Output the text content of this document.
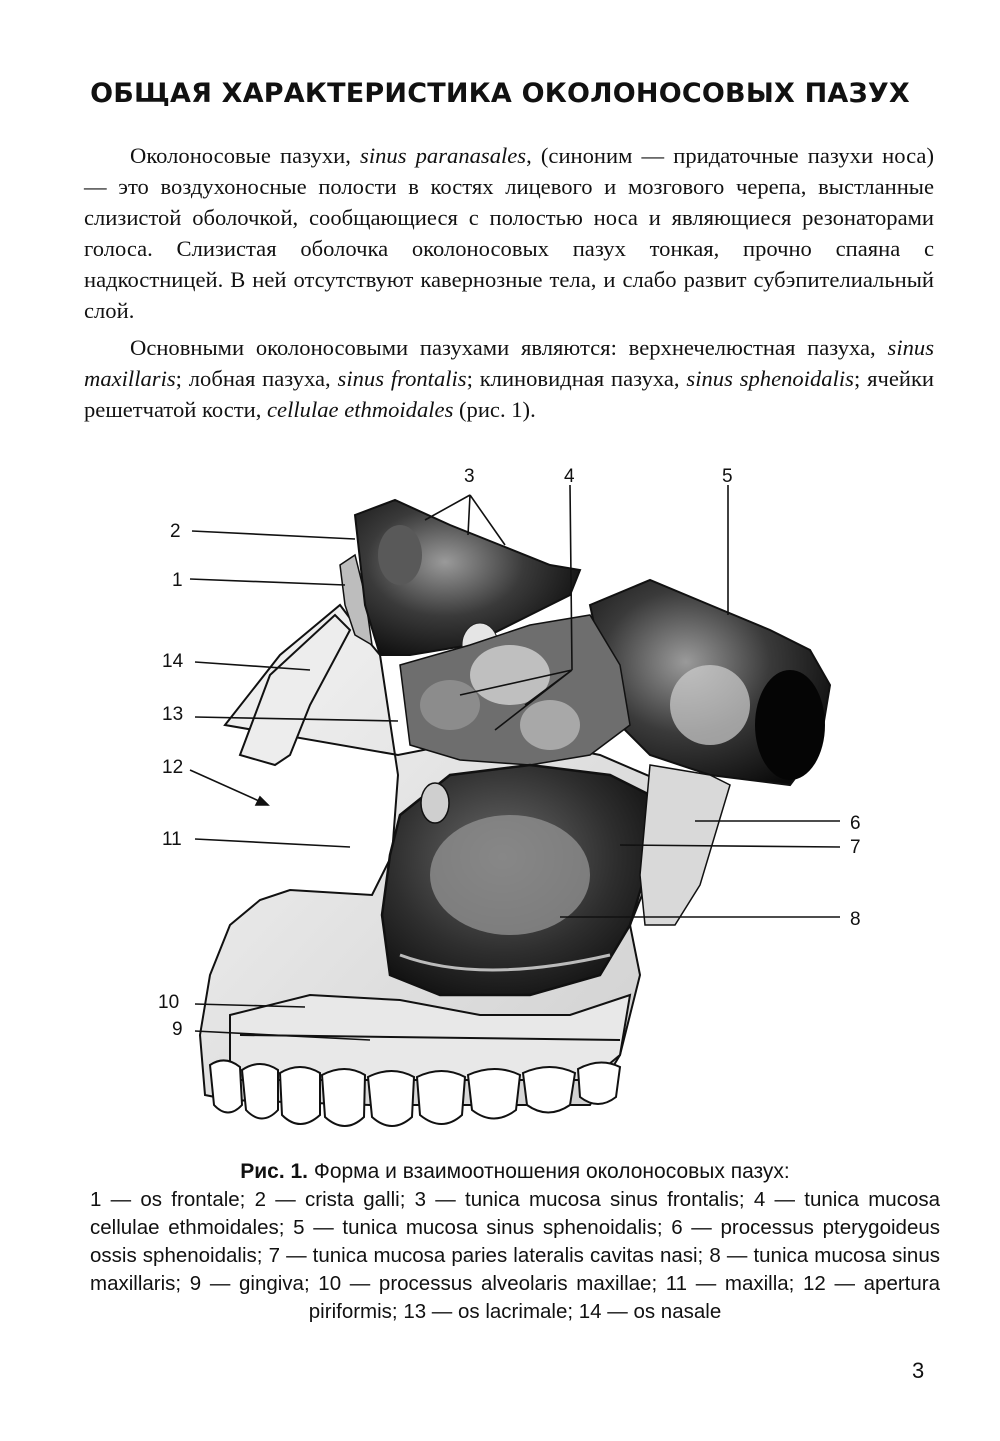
ОБЩАЯ ХАРАКТЕРИСТИКА ОКОЛОНОСОВЫХ ПАЗУХ

Околоносовые пазухи, sinus paranasales, (синоним — придаточные пазухи носа) — это воздухоносные полости в костях лицевого и мозгового черепа, выстланные слизистой оболочкой, сообщающиеся с полостью носа и являющиеся резонаторами голоса. Слизистая оболочка околоносовых пазух тонкая, прочно спаяна с надкостницей. В ней отсутствуют кавернозные тела, и слабо развит субэпителиальный слой.

Основными околоносовыми пазухами являются: верхнечелюстная пазуха, sinus maxillaris; лобная пазуха, sinus frontalis; клиновидная пазуха, sinus sphenoidalis; ячейки решетчатой кости, cellulae ethmoidales (рис. 1).

2
1
14
13
12
11
10
9
3	4	5
6
7
8
Рис. 1. Форма и взаимоотношения околоносовых пазух:
1 — os frontale; 2 — crista galli; 3 — tunica mucosa sinus frontalis; 4 — tunica mucosa cellulae ethmoidales; 5 — tunica mucosa sinus sphenoidalis; 6 — processus pterygoideus ossis sphenoidalis; 7 — tunica mucosa paries lateralis cavitas nasi; 8 — tunica mucosa sinus maxillaris; 9 — gingiva; 10 — processus alveolaris maxillae; 11 — maxilla; 12 — apertura piriformis; 13 — os lacrimale; 14 — os nasale
3
